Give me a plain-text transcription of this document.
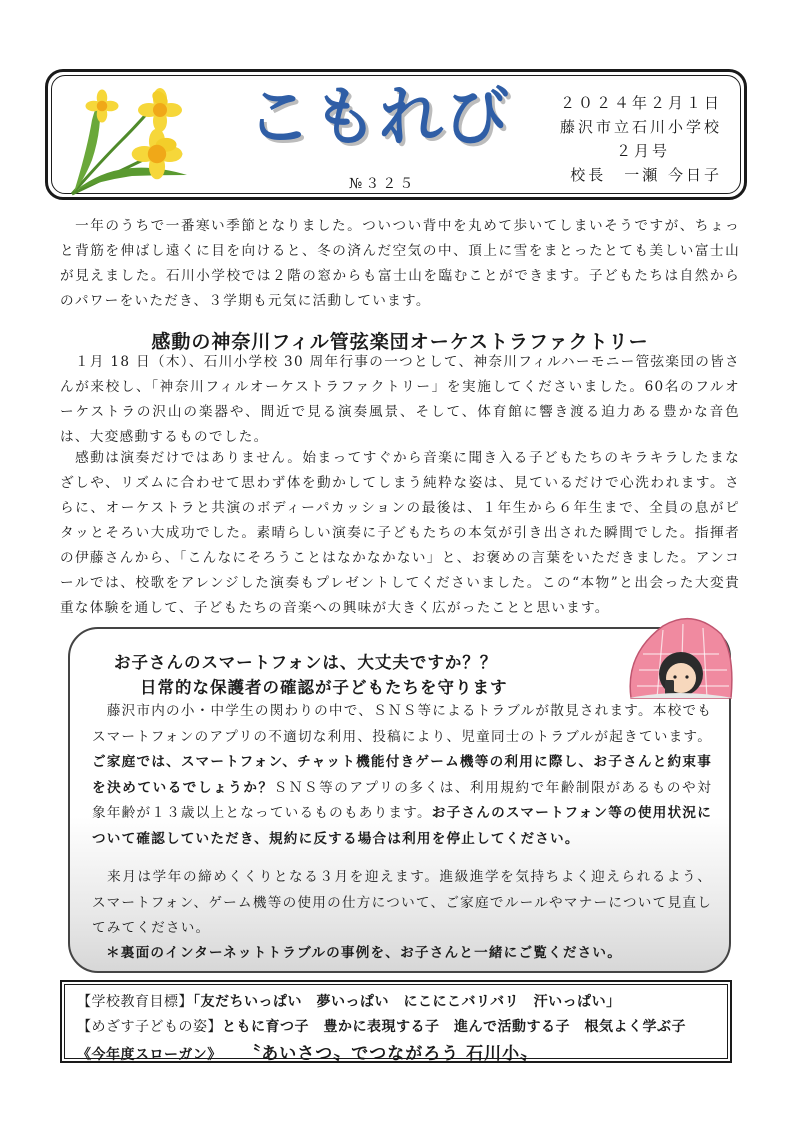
こもれび
№３２５
２０２４年２月１日
藤沢市立石川小学校
２月号
校長　一瀬 今日子

　一年のうちで一番寒い季節となりました。ついつい背中を丸めて歩いてしまいそうですが、ちょっと背筋を伸ばし遠くに目を向けると、冬の済んだ空気の中、頂上に雪をまとったとても美しい富士山が見えました。石川小学校では２階の窓からも富士山を臨むことができます。子どもたちは自然からのパワーをいただき、３学期も元気に活動しています。

感動の神奈川フィル管弦楽団オーケストラファクトリー

　１月 18 日（木）、石川小学校 30 周年行事の一つとして、神奈川フィルハーモニー管弦楽団の皆さんが来校し、「神奈川フィルオーケストラファクトリー」を実施してくださいました。60名のフルオーケストラの沢山の楽器や、間近で見る演奏風景、そして、体育館に響き渡る迫力ある豊かな音色は、大変感動するものでした。

　感動は演奏だけではありません。始まってすぐから音楽に聞き入る子どもたちのキラキラしたまなざしや、リズムに合わせて思わず体を動かしてしまう純粋な姿は、見ているだけで心洗われます。さらに、オーケストラと共演のボディーパカッションの最後は、１年生から６年生まで、全員の息がピタッとそろい大成功でした。素晴らしい演奏に子どもたちの本気が引き出された瞬間でした。指揮者の伊藤さんから、「こんなにそろうことはなかなかない」と、お褒めの言葉をいただきました。アンコールでは、校歌をアレンジした演奏もプレゼントしてくださいました。この“本物”と出会った大変貴重な体験を通して、子どもたちの音楽への興味が大きく広がったことと思います。

お子さんのスマートフォンは、大丈夫ですか？？
日常的な保護者の確認が子どもたちを守ります

　藤沢市内の小・中学生の関わりの中で、ＳＮＳ等によるトラブルが散見されます。本校でもスマートフォンのアプリの不適切な利用、投稿により、児童同士のトラブルが起きています。ご家庭では、スマートフォン、チャット機能付きゲーム機等の利用に際し、お子さんと約束事を決めているでしょうか？ＳＮＳ等のアプリの多くは、利用規約で年齢制限があるものや対象年齢が１３歳以上となっているものもあります。お子さんのスマートフォン等の使用状況について確認していただき、規約に反する場合は利用を停止してください。

　来月は学年の締めくくりとなる３月を迎えます。進級進学を気持ちよく迎えられるよう、スマートフォン、ゲーム機等の使用の仕方について、ご家庭でルールやマナーについて見直してみてください。

＊裏面のインターネットトラブルの事例を、お子さんと一緒にご覧ください。

【学校教育目標】「友だちいっぱい　夢いっぱい　にこにこバリバリ　汗いっぱい」
【めざす子どもの姿】ともに育つ子　豊かに表現する子　進んで活動する子　根気よく学ぶ子
《今年度スローガン》 〝あいさつ〟でつながろう 石川小〟
